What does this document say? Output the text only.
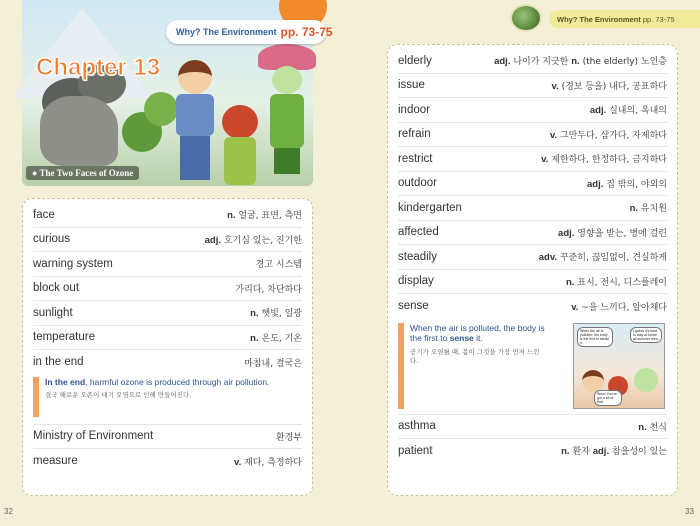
Why? The Environment pp. 73-75
Chapter 13
● The Two Faces of Ozone
face	n. 얼굴, 표면, 측면
curious	adj. 호기심 있는, 진기한
warning system	경고 시스템
block out	가리다, 차단하다
sunlight	n. 햇빛, 일광
temperature	n. 온도, 기온
in the end	마침내, 결국은
In the end, harmful ozone is produced through air pollution.
결국 해로운 오존이 대기 오염으로 인해 만들어진다.
Ministry of Environment	환경부
measure	v. 재다, 측정하다
32
Why? The Environment
pp. 73-75
elderly	adj. 나이가 지긋한 n. (the elderly) 노인층
issue	v. (경보 등을) 내다, 공표하다
indoor	adj. 실내의, 옥내의
refrain	v. 그만두다, 삼가다, 자제하다
restrict	v. 제한하다, 한정하다, 금지하다
outdoor	adj. 집 밖의, 야외의
kindergarten	n. 유치원
affected	adj. 영향을 받는, 병에 걸린
steadily	adv. 꾸준히, 끊임없이, 견실하게
display	n. 표시, 전시, 디스플레이
sense	v. ~을 느끼다, 알아채다
When the air is polluted, the body is the first to sense it.
공기가 오염될 때, 몸이 그것을 가장 먼저 느낀다.
When the air is polluted, the body is the first to sense it.
I guess it's best to stay at home all summer then.
Wow! You've got a lot of this!
asthma	n. 천식
patient	n. 환자 adj. 참을성이 있는
33
